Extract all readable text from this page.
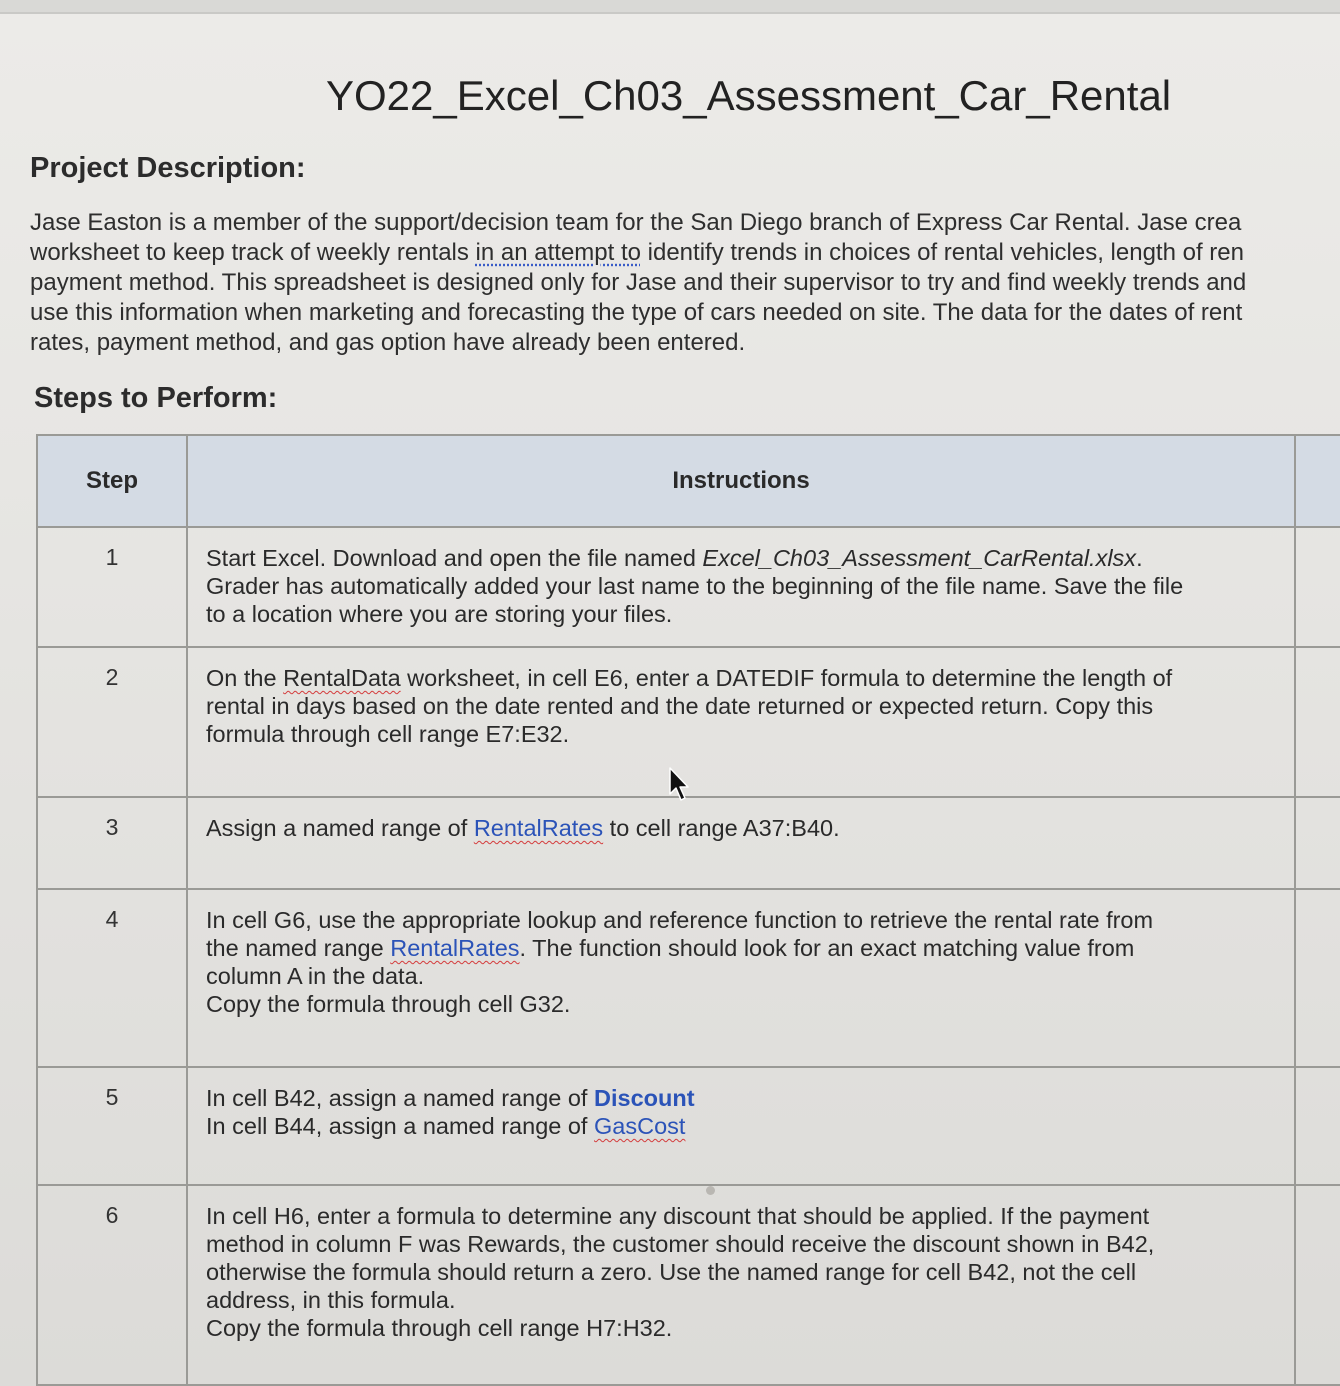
YO22_Excel_Ch03_Assessment_Car_Rental
Project Description:
Jase Easton is a member of the support/decision team for the San Diego branch of Express Car Rental. Jase crea
worksheet to keep track of weekly rentals in an attempt to identify trends in choices of rental vehicles, length of ren
payment method. This spreadsheet is designed only for Jase and their supervisor to try and find weekly trends and
use this information when marketing and forecasting the type of cars needed on site. The data for the dates of rent
rates, payment method, and gas option have already been entered.
Steps to Perform:
Step	Instructions	
1	Start Excel. Download and open the file named Excel_Ch03_Assessment_CarRental.xlsx.
Grader has automatically added your last name to the beginning of the file name. Save the file
to a location where you are storing your files.	

2	On the RentalData worksheet, in cell E6, enter a DATEDIF formula to determine the length of
rental in days based on the date rented and the date returned or expected return. Copy this
formula through cell range E7:E32.	

3	Assign a named range of RentalRates to cell range A37:B40.	

4	In cell G6, use the appropriate lookup and reference function to retrieve the rental rate from
the named range RentalRates. The function should look for an exact matching value from
column A in the data.
Copy the formula through cell G32.	

5	In cell B42, assign a named range of Discount
In cell B44, assign a named range of GasCost	

6	In cell H6, enter a formula to determine any discount that should be applied. If the payment
method in column F was Rewards, the customer should receive the discount shown in B42,
otherwise the formula should return a zero. Use the named range for cell B42, not the cell
address, in this formula.
Copy the formula through cell range H7:H32.	
